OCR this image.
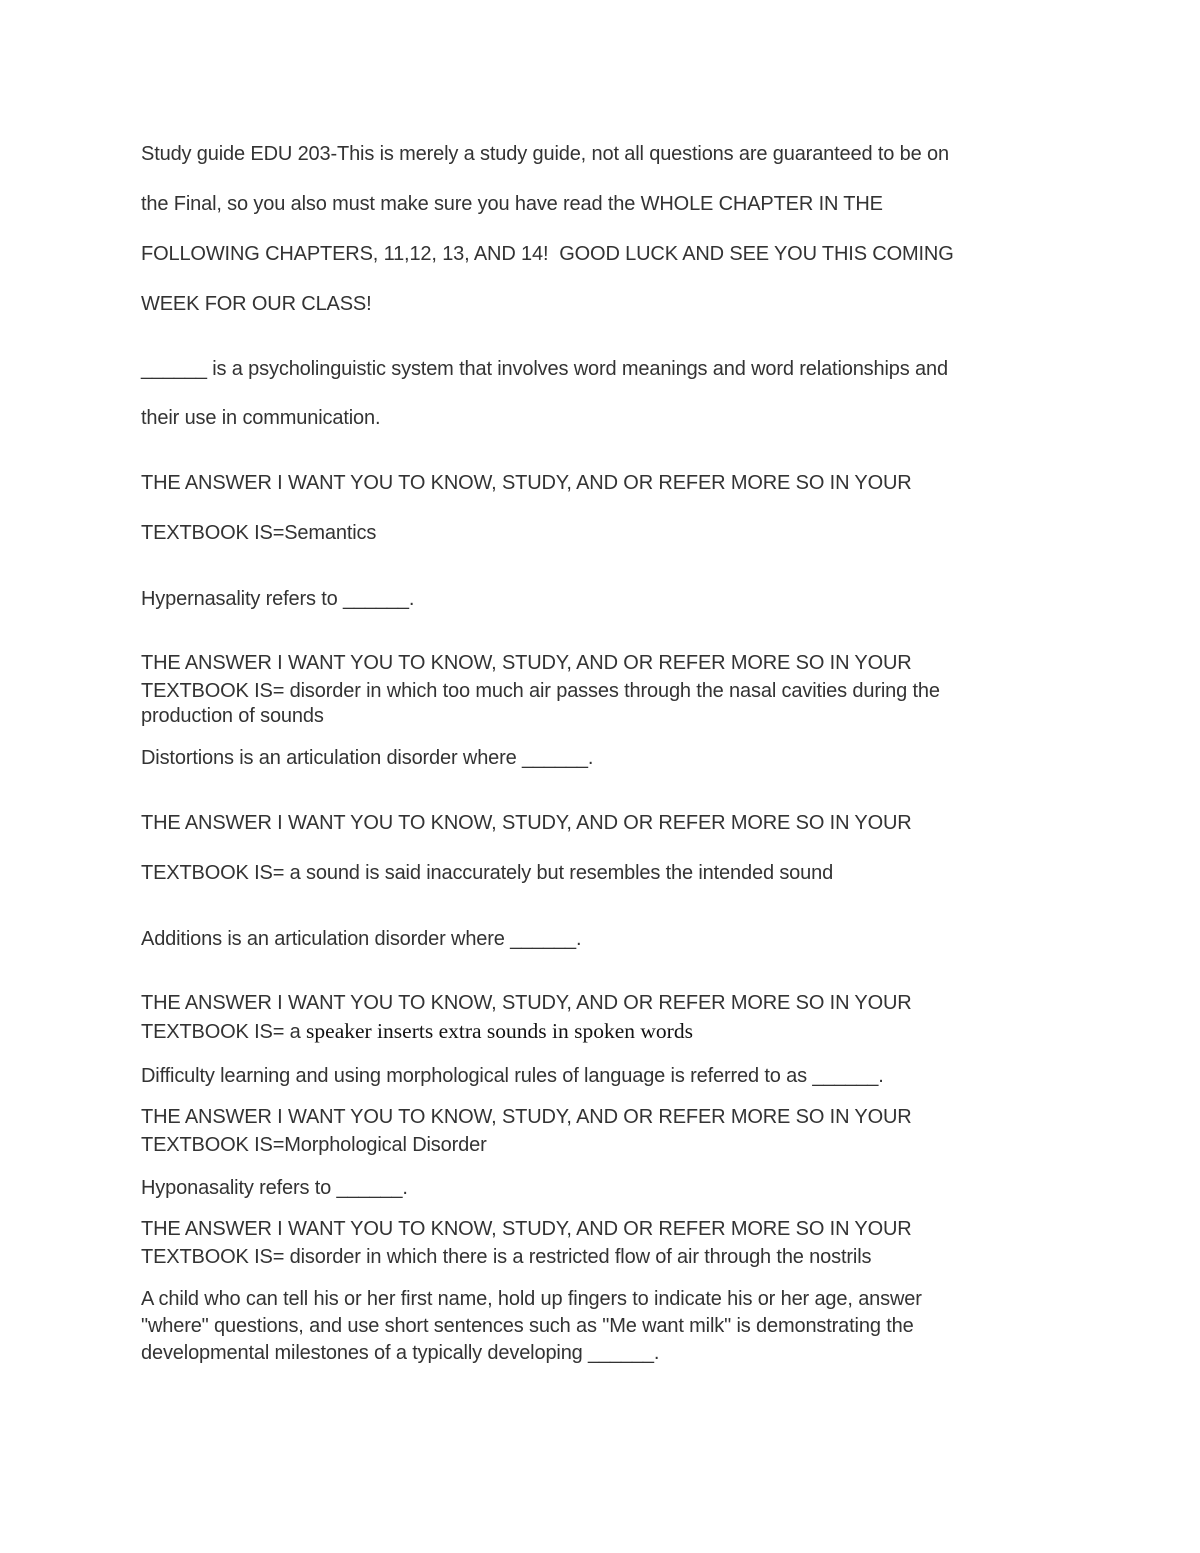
Study guide EDU 203-This is merely a study guide, not all questions are guaranteed to be on
the Final, so you also must make sure you have read the WHOLE CHAPTER IN THE
FOLLOWING CHAPTERS, 11,12, 13, AND 14!  GOOD LUCK AND SEE YOU THIS COMING
WEEK FOR OUR CLASS!
______ is a psycholinguistic system that involves word meanings and word relationships and
their use in communication.
THE ANSWER I WANT YOU TO KNOW, STUDY, AND OR REFER MORE SO IN YOUR
TEXTBOOK IS=Semantics
Hypernasality refers to ______.
THE ANSWER I WANT YOU TO KNOW, STUDY, AND OR REFER MORE SO IN YOUR
TEXTBOOK IS= disorder in which too much air passes through the nasal cavities during the
production of sounds
Distortions is an articulation disorder where ______.
THE ANSWER I WANT YOU TO KNOW, STUDY, AND OR REFER MORE SO IN YOUR
TEXTBOOK IS= a sound is said inaccurately but resembles the intended sound
Additions is an articulation disorder where ______.
THE ANSWER I WANT YOU TO KNOW, STUDY, AND OR REFER MORE SO IN YOUR
TEXTBOOK IS= a speaker inserts extra sounds in spoken words
Difficulty learning and using morphological rules of language is referred to as ______.
THE ANSWER I WANT YOU TO KNOW, STUDY, AND OR REFER MORE SO IN YOUR
TEXTBOOK IS=Morphological Disorder
Hyponasality refers to ______.
THE ANSWER I WANT YOU TO KNOW, STUDY, AND OR REFER MORE SO IN YOUR
TEXTBOOK IS= disorder in which there is a restricted flow of air through the nostrils
A child who can tell his or her first name, hold up fingers to indicate his or her age, answer
"where" questions, and use short sentences such as "Me want milk" is demonstrating the
developmental milestones of a typically developing ______.
